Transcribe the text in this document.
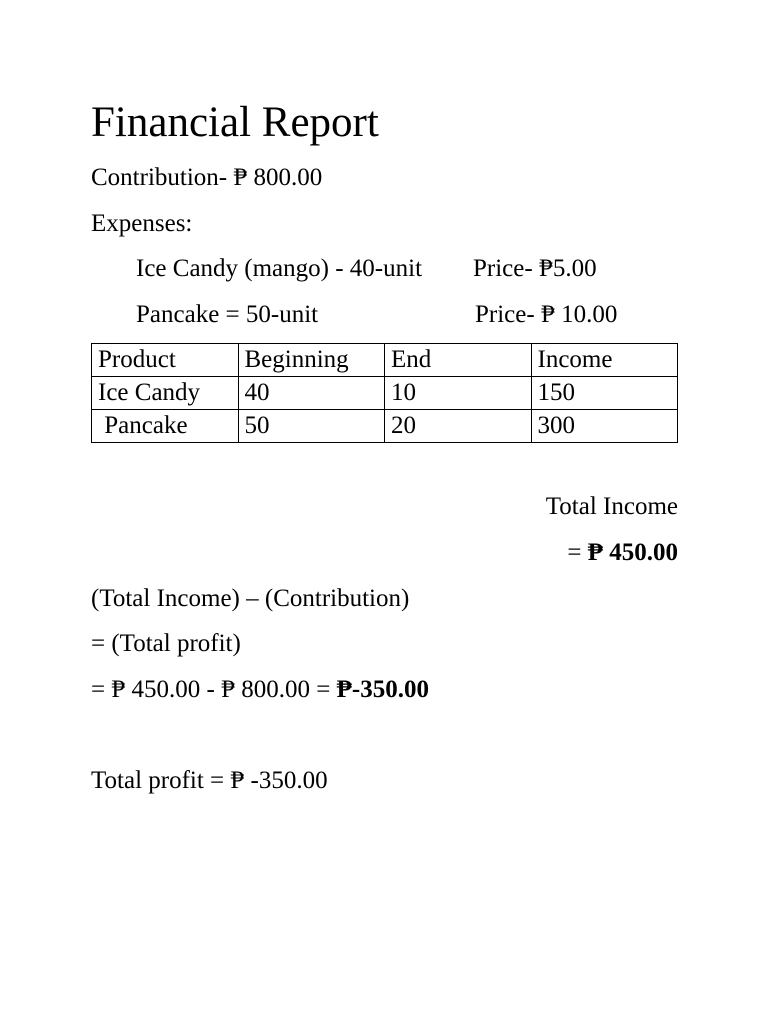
Financial Report
Contribution- ₱ 800.00
Expenses:
Ice Candy (mango) - 40-unit Price- ₱5.00
Pancake = 50-unit	Price- ₱ 10.00
Product	Beginning	End	Income
Ice Candy	40	10	150
Pancake	50	20	300
Total Income
= ₱ 450.00
(Total Income) – (Contribution)
= (Total profit)
= ₱ 450.00 - ₱ 800.00 = ₱-350.00
Total profit = ₱ -350.00
